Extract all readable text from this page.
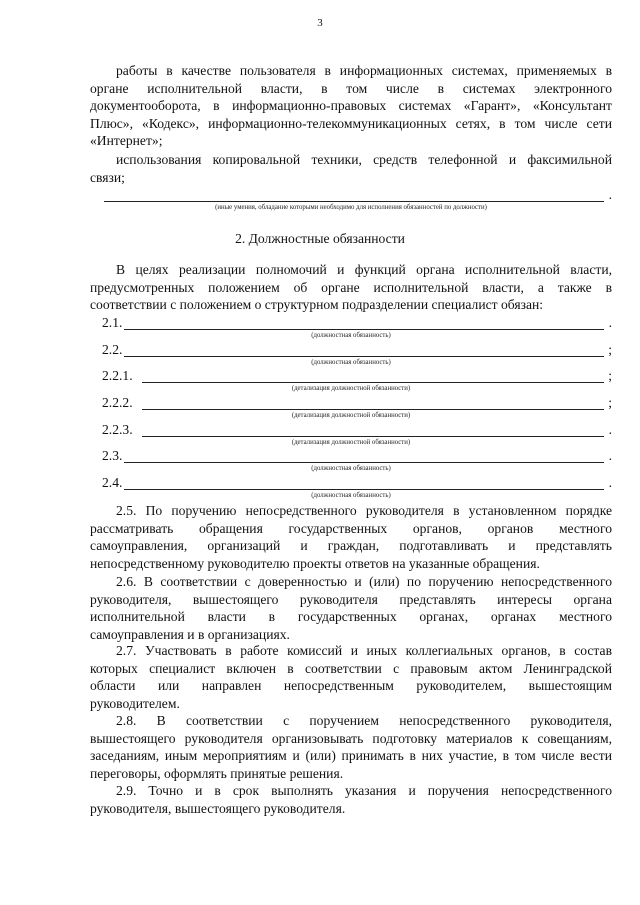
3
работы в качестве пользователя в информационных системах, применяемых в
органе исполнительной власти, в том числе в системах электронного
документооборота, в информационно-правовых системах «Гарант», «Консультант
Плюс», «Кодекс», информационно-телекоммуникационных сетях, в том числе сети
«Интернет»;
использования копировальной техники, средств телефонной и факсимильной
связи;
.
(иные умения, обладание которыми необходимо для исполнения обязанностей по должности)
2. Должностные обязанности
В целях реализации полномочий и функций органа исполнительной власти,
предусмотренных положением об органе исполнительной власти, а также в
соответствии с положением о структурном подразделении специалист обязан:
2.1.	.
(должностная обязанность)
2.2.	;
(должностная обязанность)
2.2.1.	;
(детализация должностной обязанности)
2.2.2.	;
(детализация должностной обязанности)
2.2.3.	.
(детализация должностной обязанности)
2.3.	.
(должностная обязанность)
2.4.	.
(должностная обязанность)
2.5. По поручению непосредственного руководителя в установленном порядке
рассматривать обращения государственных органов, органов местного
самоуправления, организаций и граждан, подготавливать и представлять
непосредственному руководителю проекты ответов на указанные обращения.
2.6. В соответствии с доверенностью и (или) по поручению непосредственного
руководителя, вышестоящего руководителя представлять интересы органа
исполнительной власти в государственных органах, органах местного
самоуправления и в организациях.
2.7. Участвовать в работе комиссий и иных коллегиальных органов, в состав
которых специалист включен в соответствии с правовым актом Ленинградской
области или направлен непосредственным руководителем, вышестоящим
руководителем.
2.8. В соответствии с поручением непосредственного руководителя,
вышестоящего руководителя организовывать подготовку материалов к совещаниям,
заседаниям, иным мероприятиям и (или) принимать в них участие, в том числе вести
переговоры, оформлять принятые решения.
2.9. Точно и в срок выполнять указания и поручения непосредственного
руководителя, вышестоящего руководителя.
